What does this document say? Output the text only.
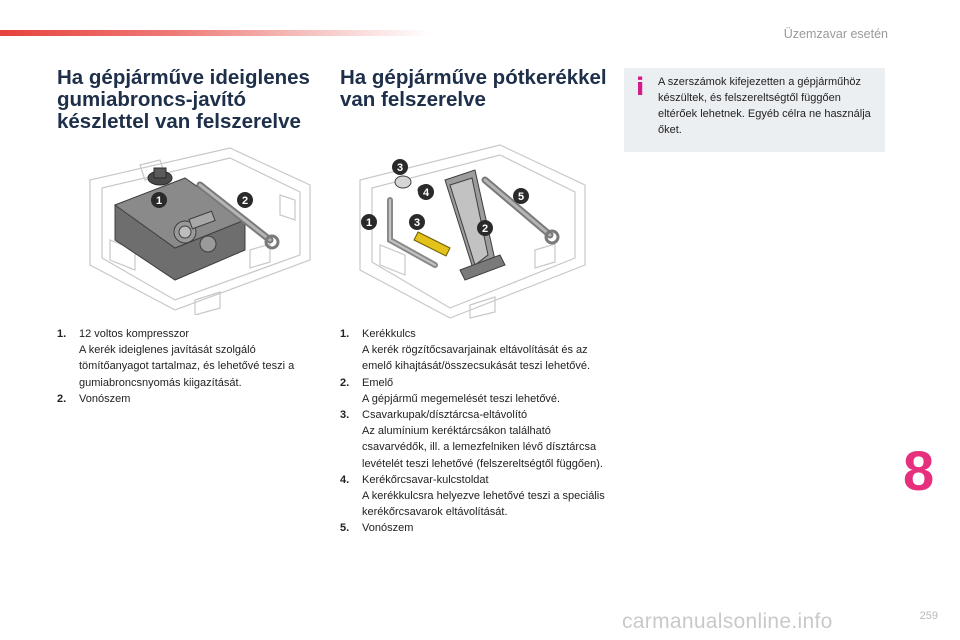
Üzemzavar esetén
Ha gépjárműve ideiglenes gumiabroncs-javító készlettel van felszerelve
Ha gépjárműve pótkerékkel van felszerelve	i	A szerszámok kifejezetten a gépjárműhöz készültek, és felszereltségtől függően eltérőek lehetnek. Egyéb célra ne használja őket.
1	2
1	2
3
3
4	5
1. 12 voltos kompresszor
A kerék ideiglenes javítását szolgáló tömítőanyagot tartalmaz, és lehetővé teszi a gumiabroncsnyomás kiigazítását.
2. Vonószem
1. Kerékkulcs
A kerék rögzítőcsavarjainak eltávolítását és az emelő kihajtását/összecsukását teszi lehetővé.
2. Emelő
A gépjármű megemelését teszi lehetővé.
3. Csavarkupak/dísztárcsa-eltávolító
Az alumínium keréktárcsákon található csavarvédők, ill. a lemezfelniken lévő dísztárcsa levételét teszi lehetővé (felszereltségtől függően).
4. Kerékőrcsavar-kulcstoldat
A kerékkulcsra helyezve lehetővé teszi a speciális kerékőrcsavarok eltávolítását.
5. Vonószem
8
carmanualsonline.info	259
